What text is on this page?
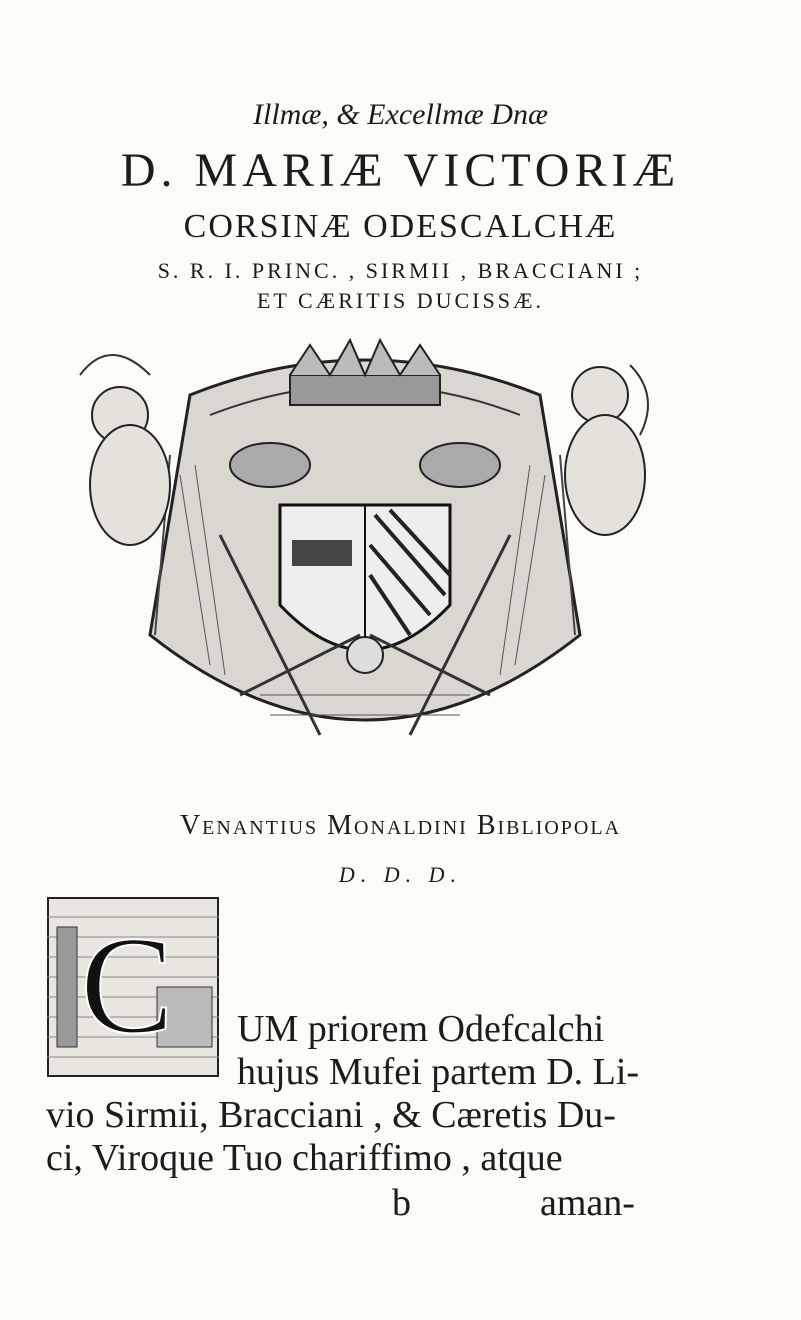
Illmæ, & Excellmæ Dnæ
D. MARIÆ VICTORIÆ
CORSINÆ ODESCALCHÆ
S. R. I. PRINC. , SIRMII , BRACCIANI ;
ET CÆRITIS DUCISSÆ.
Venantius Monaldini Bibliopola
D. D. D.
C UM priorem Odefcalchi
hujus Mufei partem D. Li-
vio Sirmii, Bracciani , & Cæretis Du-
ci, Viroque Tuo chariffimo , atque
b	aman-
